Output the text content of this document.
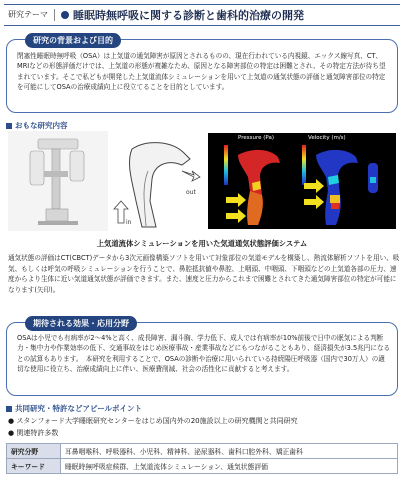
研究テーマ	睡眠時無呼吸に関する診断と歯科的治療の開発
研究の背景および目的
閉塞性睡眠時無呼吸（OSA）は上気道の通気障害が原因とされるものの、現在行われている内視鏡、エックス線写真、CT、MRIなどの形態評価だけでは、上気道の形態が複雑なため、原因となる障害部位の特定は困難とされ、その特定方法が待ち望まれています。そこで私どもが開発した上気道流体シミュレーションを用いて上気道の通気状態の評価と通気障害部位の特定を可能にしてOSAの治療成績向上に役立てることを目的としています。
おもな研究内容
out
in
Pressure (Pa)	Velocity (m/s)
上気道流体シミュレーションを用いた気道通気状態評価システム
通気状態の評価はCT(CBCT)データから3次元画像構築ソフトを用いて対象部位の気道モデルを構築し、熱流体解析ソフトを用い、吸気、もしくは呼気の呼吸シミュレーションを行うことで、鼻腔抵抗値や鼻腔、上咽頭、中咽頭、下咽頭などの上気道各部の圧力、速度からより生体に近い気道通気状態が評価できます。また、速度と圧力からこれまで困難とされてきた通気障害部位の特定が可能になります(矢印)。
期待される効果・応用分野
OSAは小児でも有病率が2～4%と高く、成長障害、漏斗胸、学力低下、成人では有病率が10%前後で日中の眠気による判断力・集中力や作業効率の低下、交通事故をはじめ医療事故・産業事故などにもつながることもあり、経済損失が3.5兆円になるとの試算もあります。　本研究を利用することで、OSAの診断や治療に用いられている持続陽圧呼吸器（国内で30万人）の適切な使用に役立ち、治療成績向上に伴い、医療費削減、社会の活性化に貢献すると考えます。
共同研究・特許などアピールポイント
● スタンフォード大学睡眠研究センターをはじめ国内外の20施設以上の研究機関と共同研究
● 関連特許多数
研究分野	耳鼻咽喉科、呼吸器科、小児科、精神科、泌尿器科、歯科口腔外科、矯正歯科
キーワード	睡眠時無呼吸症候群、上気道流体シミュレーション、通気状態評価
